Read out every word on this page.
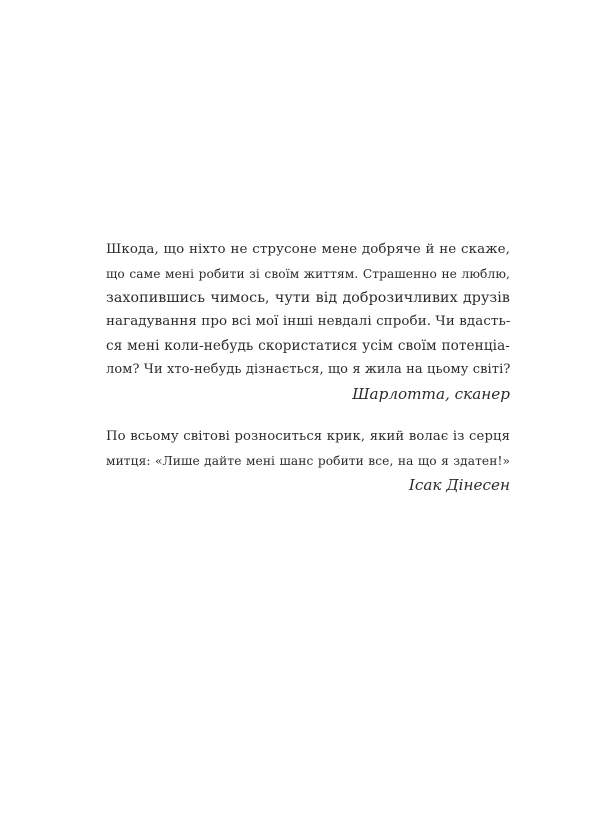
Шкода, що ніхто не струсоне мене добряче й не скаже,
що саме мені робити зі своїм життям. Страшенно не люблю,
захопившись чимось, чути від доброзичливих друзів
нагадування про всі мої інші невдалі спроби. Чи вдасть-
ся мені коли-небудь скористатися усім своїм потенціа-
лом? Чи хто-небудь дізнається, що я жила на цьому світі?
Шарлотта, сканер
По всьому світові розноситься крик, який волає із серця
митця: «Лише дайте мені шанс робити все, на що я здатен!»
Ісак Дінесен
